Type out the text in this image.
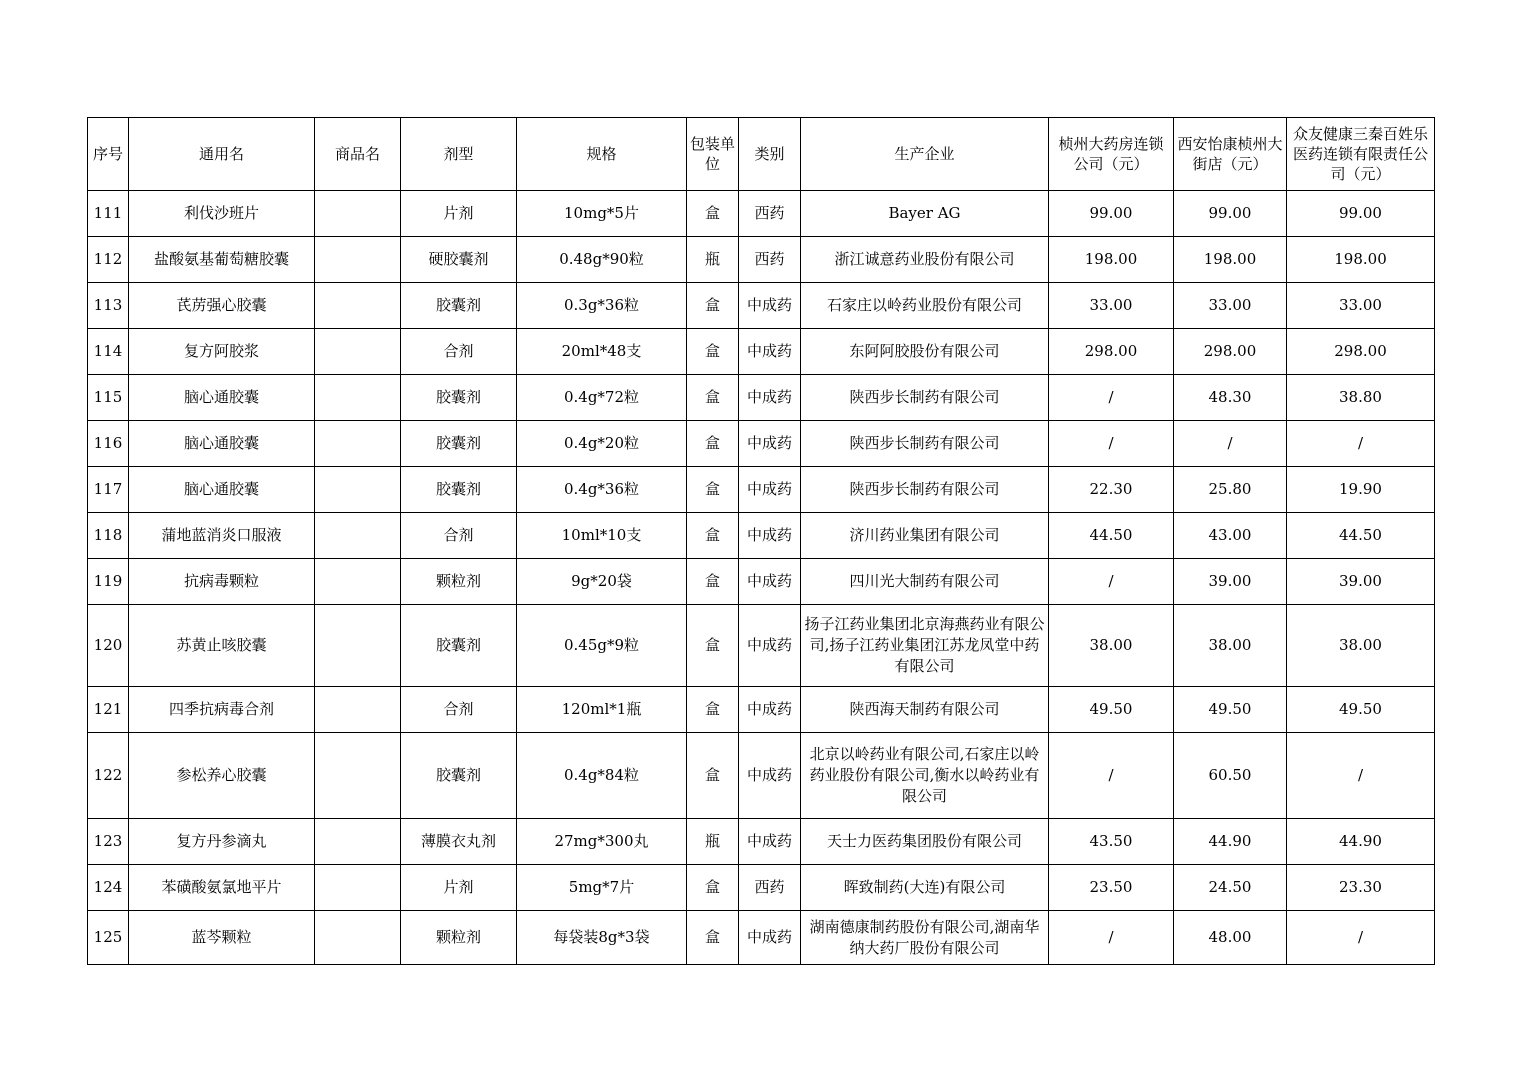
序号	通用名	商品名	剂型	规格	包装单位	类别	生产企业	桢州大药房连锁公司（元）	西安怡康桢州大街店（元）	众友健康三秦百姓乐医药连锁有限责任公司（元）
111	利伐沙班片		片剂	10mg*5片	盒	西药	Bayer AG	99.00	99.00	99.00
112	盐酸氨基葡萄糖胶囊		硬胶囊剂	0.48g*90粒	瓶	西药	浙江诚意药业股份有限公司	198.00	198.00	198.00
113	芪苈强心胶囊		胶囊剂	0.3g*36粒	盒	中成药	石家庄以岭药业股份有限公司	33.00	33.00	33.00
114	复方阿胶浆		合剂	20ml*48支	盒	中成药	东阿阿胶股份有限公司	298.00	298.00	298.00
115	脑心通胶囊		胶囊剂	0.4g*72粒	盒	中成药	陕西步长制药有限公司	/	48.30	38.80
116	脑心通胶囊		胶囊剂	0.4g*20粒	盒	中成药	陕西步长制药有限公司	/	/	/
117	脑心通胶囊		胶囊剂	0.4g*36粒	盒	中成药	陕西步长制药有限公司	22.30	25.80	19.90
118	蒲地蓝消炎口服液		合剂	10ml*10支	盒	中成药	济川药业集团有限公司	44.50	43.00	44.50
119	抗病毒颗粒		颗粒剂	9g*20袋	盒	中成药	四川光大制药有限公司	/	39.00	39.00
120	苏黄止咳胶囊		胶囊剂	0.45g*9粒	盒	中成药	扬子江药业集团北京海燕药业有限公司,扬子江药业集团江苏龙凤堂中药有限公司	38.00	38.00	38.00
121	四季抗病毒合剂		合剂	120ml*1瓶	盒	中成药	陕西海天制药有限公司	49.50	49.50	49.50
122	参松养心胶囊		胶囊剂	0.4g*84粒	盒	中成药	北京以岭药业有限公司,石家庄以岭药业股份有限公司,衡水以岭药业有限公司	/	60.50	/
123	复方丹参滴丸		薄膜衣丸剂	27mg*300丸	瓶	中成药	天士力医药集团股份有限公司	43.50	44.90	44.90
124	苯磺酸氨氯地平片		片剂	5mg*7片	盒	西药	晖致制药(大连)有限公司	23.50	24.50	23.30
125	蓝芩颗粒		颗粒剂	每袋装8g*3袋	盒	中成药	湖南德康制药股份有限公司,湖南华纳大药厂股份有限公司	/	48.00	/
